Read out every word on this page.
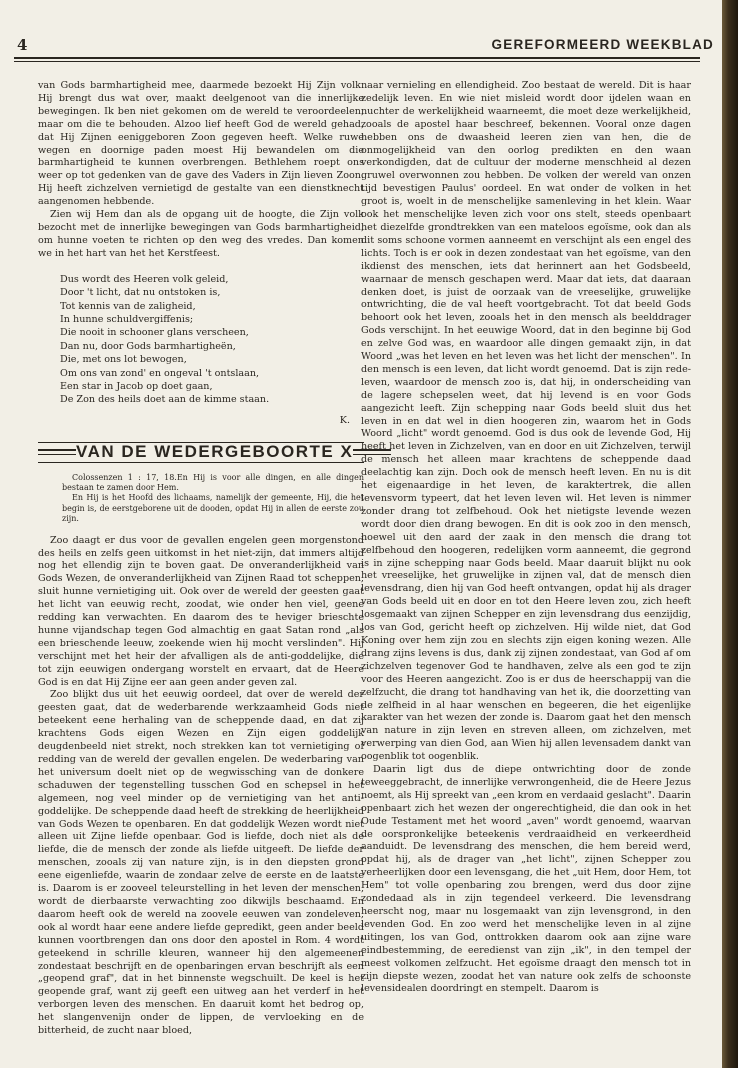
4	GEREFORMEERD WEEKBLAD

van Gods barmhartigheid mee, daarmede bezoekt Hij Zijn volk. Hij brengt dus wat over, maakt deelgenoot van die innerlijke bewegingen. Ik ben niet gekomen om de wereld te veroordeelen, maar om die te behouden. Alzoo lief heeft God de wereld gehad, dat Hij Zijnen eeniggeboren Zoon gegeven heeft. Welke ruwe wegen en doornige paden moest Hij bewandelen om die barmhartigheid te kunnen overbrengen. Bethlehem roept ons weer op tot gedenken van de gave des Vaders in Zijn lieven Zoon. Hij heeft zichzelven vernietigd de gestalte van een dienstknecht aangenomen hebbende.

Zien wij Hem dan als de opgang uit de hoogte, die Zijn volk bezocht met de innerlijke bewegingen van Gods barmhartigheid, om hunne voeten te richten op den weg des vredes. Dan komen we in het hart van het het Kerstfeest.

Dus wordt des Heeren volk geleid,
Door 't licht, dat nu ontstoken is,
Tot kennis van de zaligheid,
In hunne schuldvergiffenis;
Die nooit in schooner glans verscheen,
Dan nu, door Gods barmhartigheën,
Die, met ons lot bewogen,
Om ons van zond' en ongeval 't ontslaan,
Een star in Jacob op doet gaan,
De Zon des heils doet aan de kimme staan.
K.
VAN DE WEDERGEBOORTE X

Colossenzen 1 : 17, 18.En Hij is voor alle dingen, en alle dingen bestaan te zamen door Hem.

En Hij is het Hoofd des lichaams, namelijk der gemeente, Hij, die het begin is, de eerstgeborene uit de dooden, opdat Hij in allen de eerste zou zijn.

Zoo daagt er dus voor de gevallen engelen geen morgenstond des heils en zelfs geen uitkomst in het niet-zijn, dat immers altijd nog het ellendig zijn te boven gaat. De onveranderlijkheid van Gods Wezen, de onveranderlijkheid van Zijnen Raad tot scheppen, sluit hunne vernietiging uit. Ook over de wereld der geesten gaat het licht van eeuwig recht, zoodat, wie onder hen viel, geene redding kan verwachten. En daarom des te heviger brieschte hunne vijandschap tegen God almachtig en gaat Satan rond „als een brieschende leeuw, zoekende wien hij mocht verslinden". Hij verschijnt met het heir der afvalligen als de anti-goddelijke, die tot zijn eeuwigen ondergang worstelt en ervaart, dat de Heere God is en dat Hij Zijne eer aan geen ander geven zal.

Zoo blijkt dus uit het eeuwig oordeel, dat over de wereld der geesten gaat, dat de wederbarende werkzaamheid Gods niet beteekent eene herhaling van de scheppende daad, en dat zij krachtens Gods eigen Wezen en Zijn eigen goddelijk deugdenbeeld niet strekt, noch strekken kan tot vernietiging of redding van de wereld der gevallen engelen. De wederbaring van het universum doelt niet op de wegwissching van de donkere schaduwen der tegenstelling tusschen God en schepsel in het algemeen, nog veel minder op de vernietiging van het anti-goddelijke. De scheppende daad heeft de strekking de heerlijkheid van Gods Wezen te openbaren. En dat goddelijk Wezen wordt niet alleen uit Zijne liefde openbaar. God is liefde, doch niet als de liefde, die de mensch der zonde als liefde uitgeeft. De liefde der menschen, zooals zij van nature zijn, is in den diepsten grond eene eigenliefde, waarin de zondaar zelve de eerste en de laatste is. Daarom is er zooveel teleurstelling in het leven der menschen, wordt de dierbaarste verwachting zoo dikwijls beschaamd. En daarom heeft ook de wereld na zoovele eeuwen van zondeleven, ook al wordt haar eene andere liefde gepredikt, geen ander beeld kunnen voortbrengen dan ons door den apostel in Rom. 4 wordt geteekend in schrille kleuren, wanneer hij den algemeenen zondestaat beschrijft en de openbaringen ervan beschrijft als een „geopend graf", dat in het binnenste wegschuilt. De keel is het geopende graf, want zij geeft een uitweg aan het verderf in het verborgen leven des menschen. En daaruit komt het bedrog op, het slangenvenijn onder de lippen, de vervloeking en de bitterheid, de zucht naar bloed,

naar vernieling en ellendigheid. Zoo bestaat de wereld. Dit is haar zedelijk leven. En wie niet misleid wordt door ijdelen waan en nuchter de werkelijkheid waarneemt, die moet deze werkelijkheid, zooals de apostel haar beschreef, bekennen. Vooral onze dagen hebben ons de dwaasheid leeren zien van hen, die de onmogelijkheid van den oorlog predikten en den waan verkondigden, dat de cultuur der moderne menschheid al dezen gruwel overwonnen zou hebben. De volken der wereld van onzen tijd bevestigen Paulus' oordeel. En wat onder de volken in het groot is, woelt in de menschelijke samenleving in het klein. Waar ook het menschelijke leven zich voor ons stelt, steeds openbaart het diezelfde grondtrekken van een mateloos egoïsme, ook dan als dit soms schoone vormen aanneemt en verschijnt als een engel des lichts. Toch is er ook in dezen zondestaat van het egoïsme, van den ikdienst des menschen, iets dat herinnert aan het Godsbeeld, waarnaar de mensch geschapen werd. Maar dat iets, dat daaraan denken doet, is juist de oorzaak van de vreeselijke, gruwelijke ontwrichting, die de val heeft voortgebracht. Tot dat beeld Gods behoort ook het leven, zooals het in den mensch als beelddrager Gods verschijnt. In het eeuwige Woord, dat in den beginne bij God en zelve God was, en waardoor alle dingen gemaakt zijn, in dat Woord „was het leven en het leven was het licht der menschen". In den mensch is een leven, dat licht wordt genoemd. Dat is zijn rede-leven, waardoor de mensch zoo is, dat hij, in onderscheiding van de lagere schepselen weet, dat hij levend is en voor Gods aangezicht leeft. Zijn schepping naar Gods beeld sluit dus het leven in en dat wel in dien hoogeren zin, waarom het in Gods Woord „licht" wordt genoemd. God is dus ook de levende God, Hij heeft het leven in Zichzelven, van en door en uit Zichzelven, terwijl de mensch het alleen maar krachtens de scheppende daad deelachtig kan zijn. Doch ook de mensch heeft leven. En nu is dit het eigenaardige in het leven, de karaktertrek, die allen levensvorm typeert, dat het leven leven wil. Het leven is nimmer zonder drang tot zelfbehoud. Ook het nietigste levende wezen wordt door dien drang bewogen. En dit is ook zoo in den mensch, hoewel uit den aard der zaak in den mensch die drang tot zelfbehoud den hoogeren, redelijken vorm aanneemt, die gegrond is in zijne schepping naar Gods beeld. Maar daaruit blijkt nu ook het vreeselijke, het gruwelijke in zijnen val, dat de mensch dien levensdrang, dien hij van God heeft ontvangen, opdat hij als drager van Gods beeld uit en door en tot den Heere leven zou, zich heeft losgemaakt van zijnen Schepper en zijn levensdrang dus eenzijdig, los van God, gericht heeft op zichzelven. Hij wilde niet, dat God Koning over hem zijn zou en slechts zijn eigen koning wezen. Alle drang zijns levens is dus, dank zij zijnen zondestaat, van God af om zichzelven tegenover God te handhaven, zelve als een god te zijn voor des Heeren aangezicht. Zoo is er dus de heerschappij van die zelfzucht, die drang tot handhaving van het ik, die doorzetting van de zelfheid in al haar wenschen en begeeren, die het eigenlijke karakter van het wezen der zonde is. Daarom gaat het den mensch van nature in zijn leven en streven alleen, om zichzelven, met verwerping van dien God, aan Wien hij allen levensadem dankt van oogenblik tot oogenblik.

Daarin ligt dus de diepe ontwrichting door de zonde teweeggebracht, de innerlijke verwrongenheid, die de Heere Jezus noemt, als Hij spreekt van „een krom en verdaaid geslacht". Daarin openbaart zich het wezen der ongerechtigheid, die dan ook in het Oude Testament met het woord „aven" wordt genoemd, waarvan de oorspronkelijke beteekenis verdraaidheid en verkeerdheid aanduidt. De levensdrang des menschen, die hem bereid werd, opdat hij, als de drager van „het licht", zijnen Schepper zou verheerlijken door een levensgang, die het „uit Hem, door Hem, tot Hem" tot volle openbaring zou brengen, werd dus door zijne zondedaad als in zijn tegendeel verkeerd. Die levensdrang heerscht nog, maar nu losgemaakt van zijn levensgrond, in den levenden God. En zoo werd het menschelijke leven in al zijne uitingen, los van God, onttrokken daarom ook aan zijne ware eindbestemming, de eeredienst van zijn „ik", in den tempel der meest volkomen zelfzucht. Het egoïsme draagt den mensch tot in zijn diepste wezen, zoodat het van nature ook zelfs de schoonste levensidealen doordringt en stempelt. Daarom is
